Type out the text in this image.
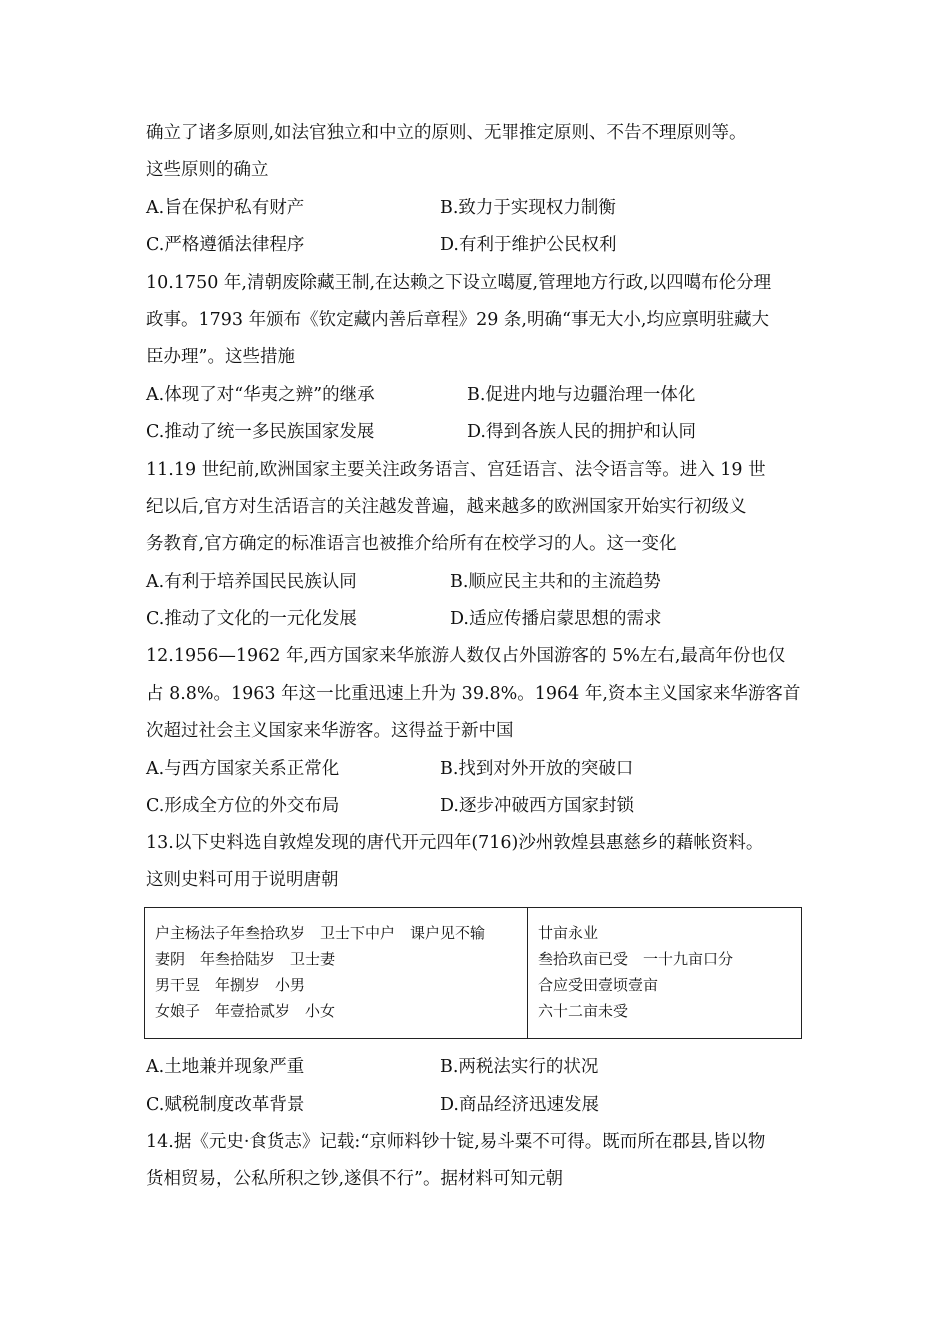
确立了诸多原则,如法官独立和中立的原则、无罪推定原则、不告不理原则等。
这些原则的确立
A.旨在保护私有财产	B.致力于实现权力制衡
C.严格遵循法律程序	D.有利于维护公民权利
10.1750 年,清朝废除藏王制,在达赖之下设立噶厦,管理地方行政,以四噶布伦分理
政事。1793 年颁布《钦定藏内善后章程》29 条,明确“事无大小,均应禀明驻藏大
臣办理”。这些措施
A.体现了对“华夷之辨”的继承	B.促进内地与边疆治理一体化
C.推动了统一多民族国家发展	D.得到各族人民的拥护和认同
11.19 世纪前,欧洲国家主要关注政务语言、宫廷语言、法令语言等。进入 19 世
纪以后,官方对生活语言的关注越发普遍，越来越多的欧洲国家开始实行初级义
务教育,官方确定的标准语言也被推介给所有在校学习的人。这一变化
A.有利于培养国民民族认同	B.顺应民主共和的主流趋势
C.推动了文化的一元化发展	D.适应传播启蒙思想的需求
12.1956—1962 年,西方国家来华旅游人数仅占外国游客的 5%左右,最高年份也仅
占 8.8%。1963 年这一比重迅速上升为 39.8%。1964 年,资本主义国家来华游客首
次超过社会主义国家来华游客。这得益于新中国
A.与西方国家关系正常化	B.找到对外开放的突破口
C.形成全方位的外交布局	D.逐步冲破西方国家封锁
13.以下史料选自敦煌发现的唐代开元四年(716)沙州敦煌县惠慈乡的藉帐资料。
这则史料可用于说明唐朝
户主杨法子年叁拾玖岁　卫士下中户　课户见不输
妻阴　年叁拾陆岁　卫士妻
男干昱　年捌岁　小男
女娘子　年壹拾贰岁　小女

廿亩永业
叁拾玖亩已受　一十九亩口分
合应受田壹顷壹亩
六十二亩未受
A.土地兼并现象严重	B.两税法实行的状况
C.赋税制度改革背景	D.商品经济迅速发展
14.据《元史·食货志》记载:“京师料钞十锭,易斗粟不可得。既而所在郡县,皆以物
货相贸易，公私所积之钞,遂俱不行”。据材料可知元朝
